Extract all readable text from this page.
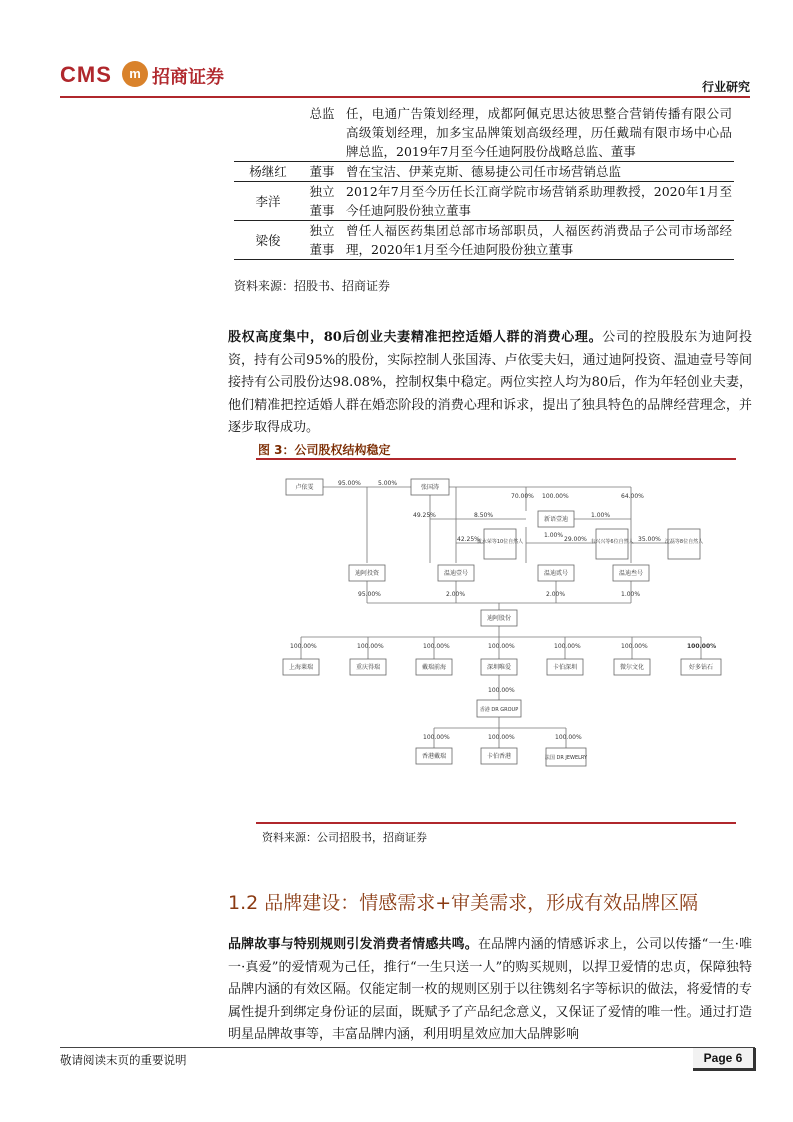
CMS	m 招商证券	行业研究
	总监	任，电通广告策划经理，成都阿佩克思达彼思整合营销传播有限公司高级策划经理，加多宝品牌策划高级经理，历任戴瑞有限市场中心品牌总监，2019年7月至今任迪阿股份战略总监、董事
杨继红	董事	曾在宝洁、伊莱克斯、德易捷公司任市场营销总监
李洋	独立董事	2012年7月至今历任长江商学院市场营销系助理教授，2020年1月至今任迪阿股份独立董事
梁俊	独立董事	曾任人福医药集团总部市场部职员，人福医药消费品子公司市场部经理，2020年1月至今任迪阿股份独立董事
资料来源：招股书、招商证券
股权高度集中，80后创业夫妻精准把控适婚人群的消费心理。公司的控股股东为迪阿投资，持有公司95%的股份，实际控制人张国涛、卢依雯夫妇，通过迪阿投资、温迪壹号等间接持有公司股份达98.08%，控制权集中稳定。两位实控人均为80后，作为年轻创业夫妻，他们精准把控适婚人群在婚恋阶段的消费心理和诉求，提出了独具特色的品牌经营理念，并逐步取得成功。
图 3：公司股权结构稳定
卢依雯	张国涛
新语壹迪
黄水荣等10位自然人	韦兴兴等6位自然人	沈磊等8位自然人
迪阿投资	温迪壹号	温迪贰号	温迪叁号
迪阿股份
上海莱瑞	重庆得瑞	戴瑞前海	深圳唯爱	卡伯深圳	微尔文化	好多钻石
香港 DR GROUP
香港戴瑞	卡伯香港	法国 DR JEWELRY
95.00%	5.00%
49.25%	8.50%
70.00% 100.00%	64.00%
42.25%
1.00%
1.00%
29.00%	35.00%
95.00%	2.00%	2.00%	1.00%
100.00%	100.00%	100.00%	100.00%	100.00%	100.00%	100.00%
100.00%
100.00%	100.00%	100.00%
资料来源：公司招股书，招商证券
1.2 品牌建设：情感需求+审美需求，形成有效品牌区隔
品牌故事与特别规则引发消费者情感共鸣。在品牌内涵的情感诉求上，公司以传播“一生·唯一·真爱”的爱情观为己任，推行“一生只送一人”的购买规则，以捍卫爱情的忠贞，保障独特品牌内涵的有效区隔。仅能定制一枚的规则区别于以往镌刻名字等标识的做法，将爱情的专属性提升到绑定身份证的层面，既赋予了产品纪念意义，又保证了爱情的唯一性。通过打造明星品牌故事等，丰富品牌内涵，利用明星效应加大品牌影响
敬请阅读末页的重要说明	Page 6
